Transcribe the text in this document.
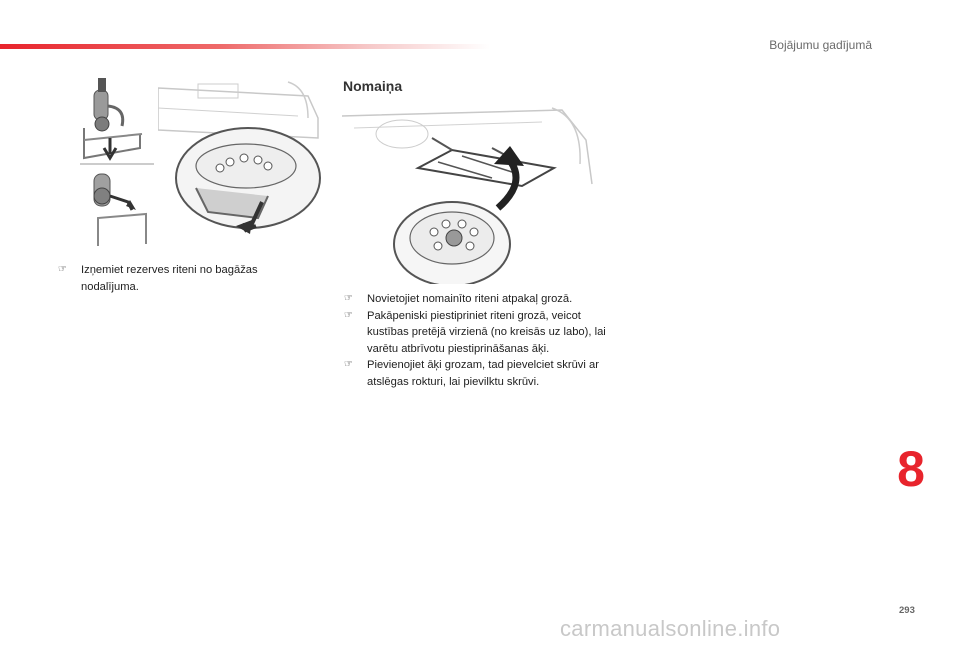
Bojājumu gadījumā
Nomaiņa
☞ Izņemiet rezerves riteni no bagāžas nodalījuma.
☞ Novietojiet nomainīto riteni atpakaļ grozā.
☞ Pakāpeniski piestipriniet riteni grozā, veicot kustības pretējā virzienā (no kreisās uz labo), lai varētu atbrīvotu piestiprināšanas āķi.
☞ Pievienojiet āķi grozam, tad pievelciet skrūvi ar atslēgas rokturi, lai pievilktu skrūvi.
8
293
carmanualsonline.info
